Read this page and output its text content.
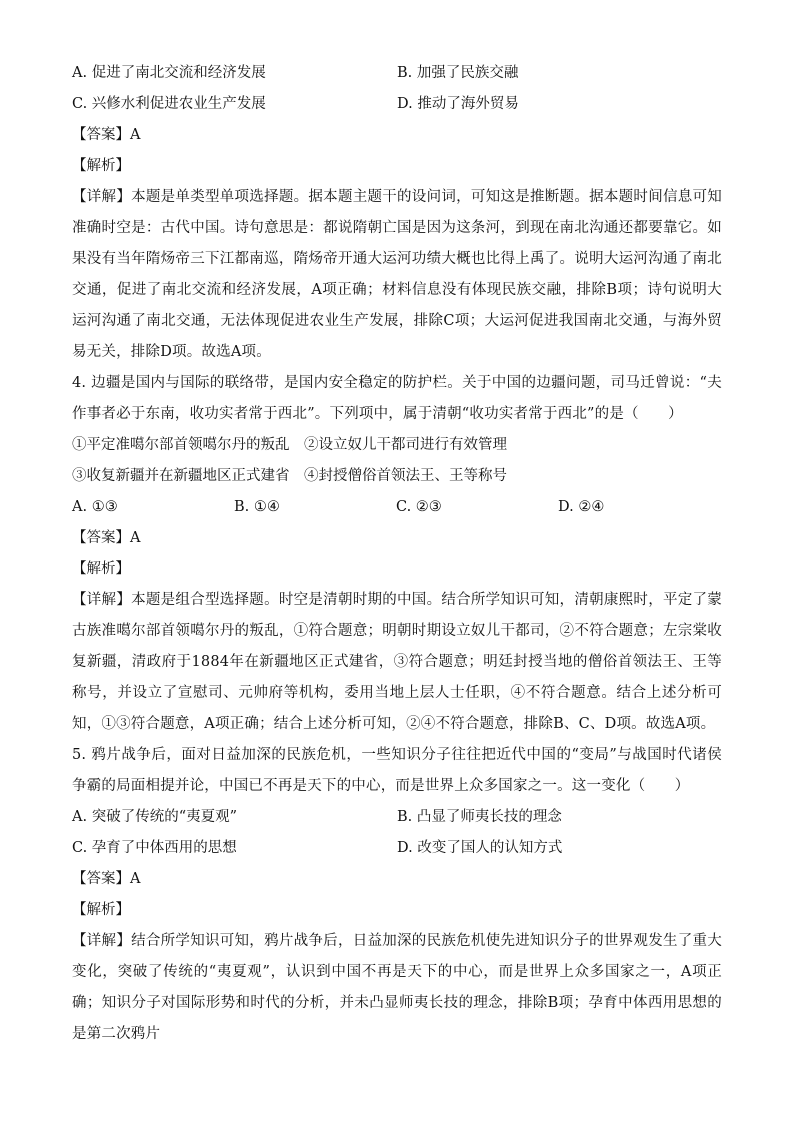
A. 促进了南北交流和经济发展	B. 加强了民族交融
C. 兴修水利促进农业生产发展	D. 推动了海外贸易
【答案】A
【解析】
【详解】本题是单类型单项选择题。据本题主题干的设问词，可知这是推断题。据本题时间信息可知准确时空是：古代中国。诗句意思是：都说隋朝亡国是因为这条河，到现在南北沟通还都要靠它。如果没有当年隋炀帝三下江都南巡，隋炀帝开通大运河功绩大概也比得上禹了。说明大运河沟通了南北交通，促进了南北交流和经济发展，A项正确；材料信息没有体现民族交融，排除B项；诗句说明大运河沟通了南北交通，无法体现促进农业生产发展，排除C项；大运河促进我国南北交通，与海外贸易无关，排除D项。故选A项。
4. 边疆是国内与国际的联络带，是国内安全稳定的防护栏。关于中国的边疆问题，司马迁曾说：“夫作事者必于东南，收功实者常于西北”。下列项中，属于清朝“收功实者常于西北”的是（　　）
①平定准噶尔部首领噶尔丹的叛乱　②设立奴儿干都司进行有效管理
③收复新疆并在新疆地区正式建省　④封授僧俗首领法王、王等称号
A. ①③	B. ①④	C. ②③	D. ②④
【答案】A
【解析】
【详解】本题是组合型选择题。时空是清朝时期的中国。结合所学知识可知，清朝康熙时，平定了蒙古族准噶尔部首领噶尔丹的叛乱，①符合题意；明朝时期设立奴儿干都司，②不符合题意；左宗棠收复新疆，清政府于1884年在新疆地区正式建省，③符合题意；明廷封授当地的僧俗首领法王、王等称号，并设立了宣慰司、元帅府等机构，委用当地上层人士任职，④不符合题意。结合上述分析可知，①③符合题意，A项正确；结合上述分析可知，②④不符合题意，排除B、C、D项。故选A项。
5. 鸦片战争后，面对日益加深的民族危机，一些知识分子往往把近代中国的“变局”与战国时代诸侯争霸的局面相提并论，中国已不再是天下的中心，而是世界上众多国家之一。这一变化（　　）
A. 突破了传统的“夷夏观”	B. 凸显了师夷长技的理念
C. 孕育了中体西用的思想	D. 改变了国人的认知方式
【答案】A
【解析】
【详解】结合所学知识可知，鸦片战争后，日益加深的民族危机使先进知识分子的世界观发生了重大变化，突破了传统的“夷夏观”，认识到中国不再是天下的中心，而是世界上众多国家之一，A项正确；知识分子对国际形势和时代的分析，并未凸显师夷长技的理念，排除B项；孕育中体西用思想的是第二次鸦片
